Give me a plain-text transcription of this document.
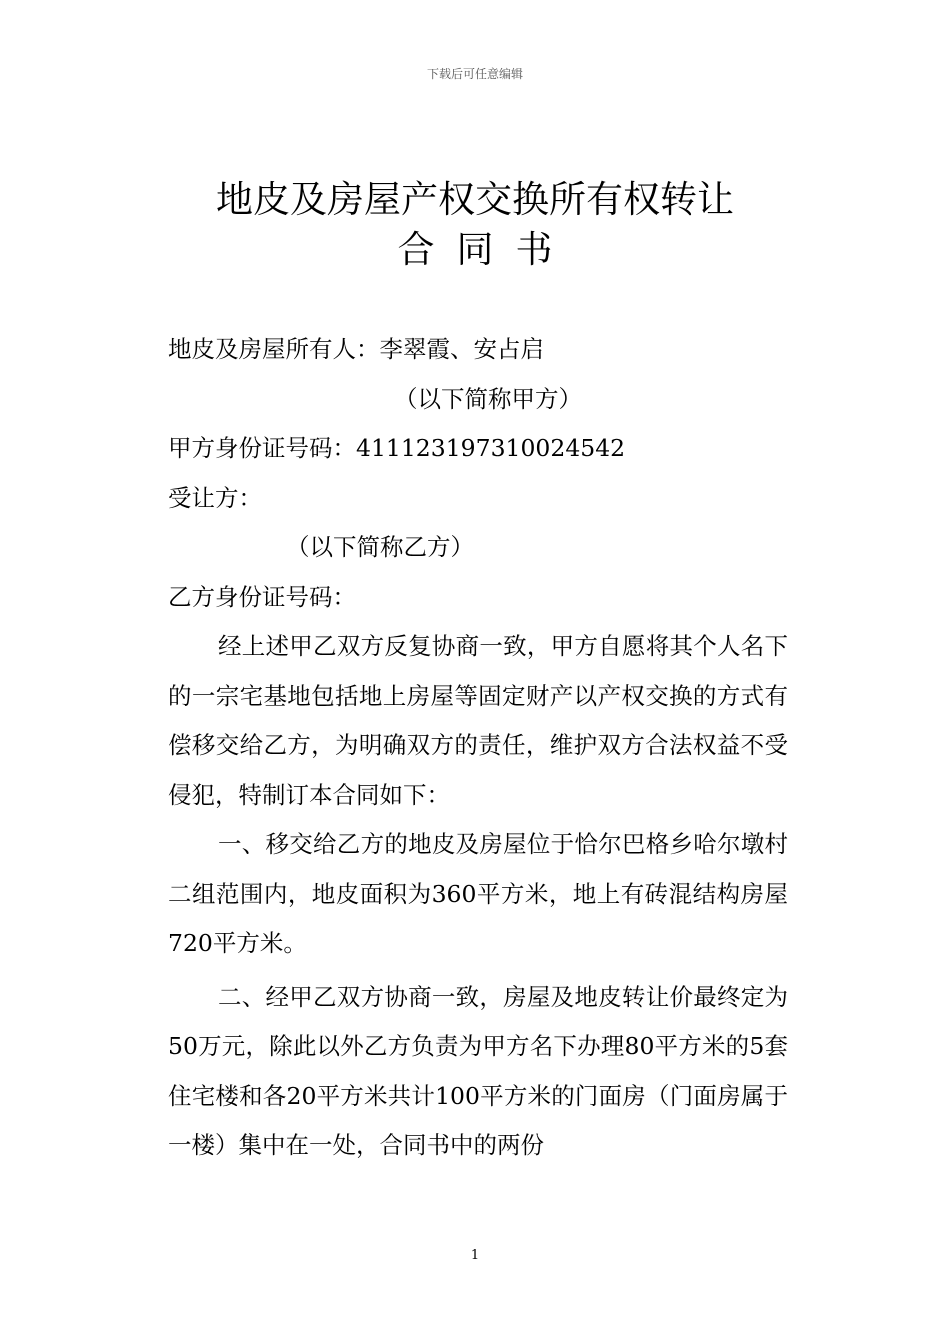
下载后可任意编辑
地皮及房屋产权交换所有权转让
合同书
地皮及房屋所有人：李翠霞、安占启
（以下简称甲方）
甲方身份证号码：411123197310024542
受让方：
（以下简称乙方）
乙方身份证号码：
经上述甲乙双方反复协商一致，甲方自愿将其个人名下的一宗宅基地包括地上房屋等固定财产以产权交换的方式有偿移交给乙方，为明确双方的责任，维护双方合法权益不受侵犯，特制订本合同如下：
一、移交给乙方的地皮及房屋位于恰尔巴格乡哈尔墩村二组范围内，地皮面积为360平方米，地上有砖混结构房屋720平方米。
二、经甲乙双方协商一致，房屋及地皮转让价最终定为50万元，除此以外乙方负责为甲方名下办理80平方米的5套住宅楼和各20平方米共计100平方米的门面房（门面房属于一楼）集中在一处，合同书中的两份
1
